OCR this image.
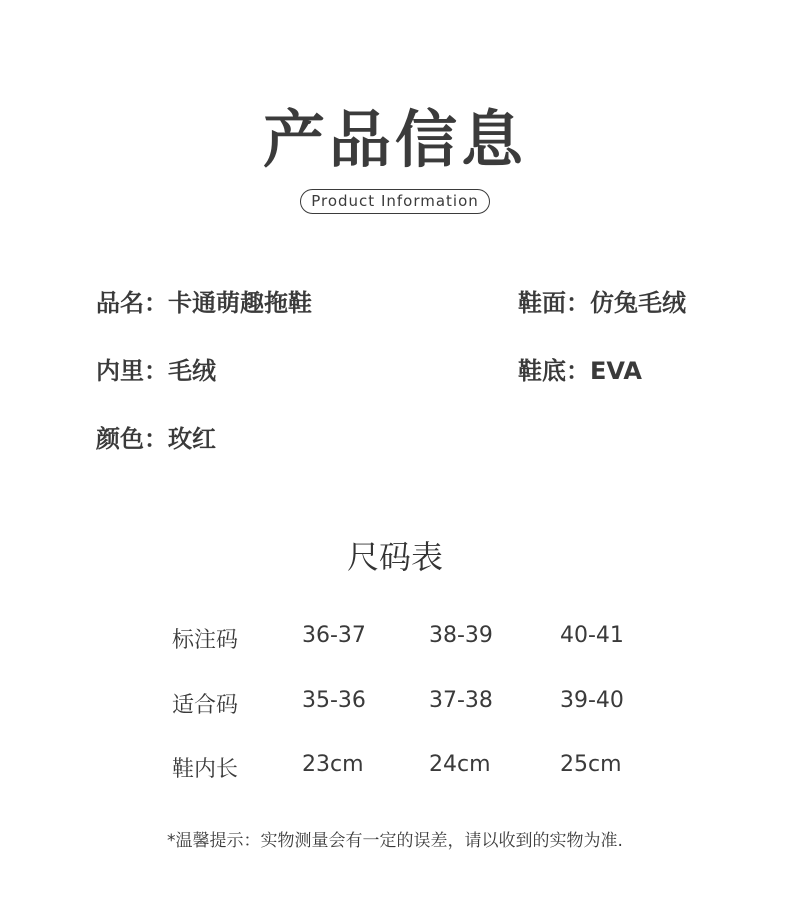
产品信息
Product Information
品名：卡通萌趣拖鞋	鞋面：仿兔毛绒
内里：毛绒	鞋底：EVA
颜色：玫红
尺码表
标注码	36-37	38-39	40-41
适合码	35-36	37-38	39-40
鞋内长	23cm	24cm	25cm
*温馨提示：实物测量会有一定的误差，请以收到的实物为准.
